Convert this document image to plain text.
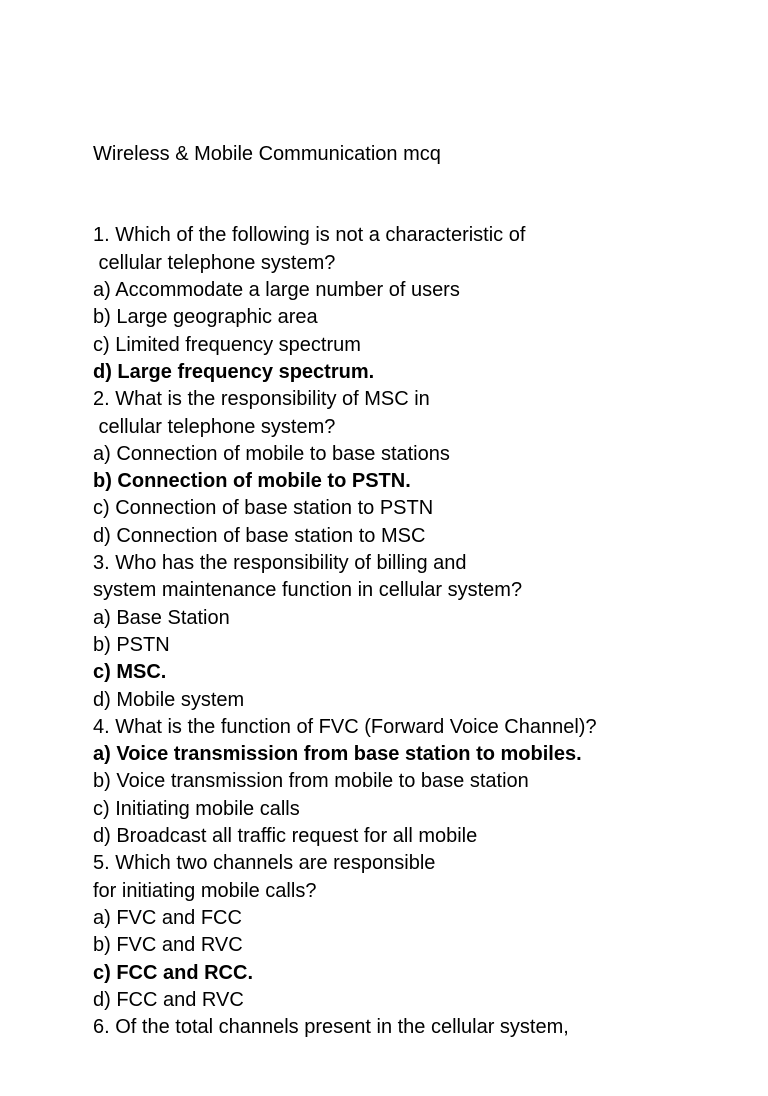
Wireless & Mobile Communication mcq

1. Which of the following is not a characteristic of
cellular telephone system?
a) Accommodate a large number of users
b) Large geographic area
c) Limited frequency spectrum
d) Large frequency spectrum.
2. What is the responsibility of MSC in
cellular telephone system?
a) Connection of mobile to base stations
b) Connection of mobile to PSTN.
c) Connection of base station to PSTN
d) Connection of base station to MSC
3. Who has the responsibility of billing and
system maintenance function in cellular system?
a) Base Station
b) PSTN
c) MSC.
d) Mobile system
4. What is the function of FVC (Forward Voice Channel)?
a) Voice transmission from base station to mobiles.
b) Voice transmission from mobile to base station
c) Initiating mobile calls
d) Broadcast all traffic request for all mobile
5. Which two channels are responsible
for initiating mobile calls?
a) FVC and FCC
b) FVC and RVC
c) FCC and RCC.
d) FCC and RVC
6. Of the total channels present in the cellular system,
